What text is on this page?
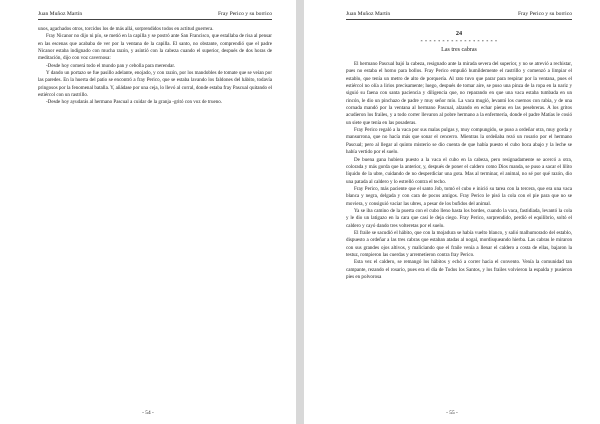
Juan Muñoz Martín	Fray Perico y su borrico

unos, agachados otros, torcidos los de más allá, sorprendidos todos en actitud guerrera.

Fray Nicanor no dijo ni pío, se metió en la capilla y se postró ante San Francisco, que estallaba de risa al pensar en las escenas que acababa de ver por la ventana de la capilla. El santo, no obstante, comprendió que el padre Nicanor estaba indignado con mucha razón, y asintió con la cabeza cuando el superior, después de dos horas de meditación, dijo con voz cavernosa:

-Desde hoy comerá todo el mundo pan y cebolla para merendar.

Y dando un portazo se fue pasillo adelante, enojado, y con razón, por los mandobles de tomate que se veían por las paredes. En la huerta del patio se encontró a fray Perico, que se estaba lavando los faldones del hábito, todavía pringosos por la fenomenal batalla. Y, añádase por una ceja, lo llevó al corral, donde estaba fray Pascual quitando el estiércol con un rastrillo.

-Desde hoy ayudarás al hermano Pascual a cuidar de la granja -gritó con voz de trueno.

- 54 -
Juan Muñoz Martín	Fray Perico y su borrico
24
* * * * * * * * * * * * * * * * * *
Las tres cabras

El hermano Pascual bajó la cabeza, resignado ante la mirada severa del superior, y no se atrevió a rechistar, pues no estaba el horno para bollos. Fray Perico empuñó humildemente el rastrillo y comenzó a limpiar el establo, que tenía un metro de alto de porquería. Al rato tuvo que parar para respirar por la ventana, pues el estiércol no olía a lirios precisamente; luego, después de tomar aire, se puso una pinza de la ropa en la nariz y siguió su faena con santa paciencia y diligencia que, no reparando en que una vaca estaba tumbada en un rincón, le dio un pinchazo de padre y muy señor mío. La vaca mugió, levantó los cuernos con rabia, y de una cornada mandó por la ventana al hermano Pascual, alzando en echar pieras en las pesebreras. A los gritos acudieron los frailes, y a todo correr llevaron al pobre hermano a la enfermería, donde el padre Matías le cosió un siete que tenía en las posaderas.

Fray Perico regaló a la vaca por sus malas pulgas y, muy compungido, se puso a ordeñar otra, muy gorda y mansurrona, que no hacía más que sonar el cencerro. Mientras la ordeñaba rezó un rosario por el hermano Pascual; pero al llegar al quinto misterio se dio cuenta de que había puesto el cubo boca abajo y la leche se había vertido por el suelo.

De buena gana hubiera puesto a la vaca el cubo en la cabeza, pero resignadamente se acercó a otra, colorada y más gorda que la anterior, y, después de poner el caldero como Dios manda, se puso a sacar el lilito líquido de la ubre, cuidando de no desperdiciar una gota. Mas al terminar, el animal, no sé por qué razón, dio una patada al caldero y lo estrelló contra el techo.

Fray Perico, más paciente que el santo Job, tomó el cubo e inició su tarea con la tercera, que era una vaca blanca y negra, delgada y con cara de pocos amigos. Fray Perico le pisó la cola con el pie para que no se moviera, y consiguió vaciar las ubres, a pesar de los bufidos del animal.

Ya se iba camino de la puerta con el cubo lleno hasta los bordes, cuando la vaca, fastidiada, levantó la cola y le dio un latigazo en la cara que casi le deja ciego. Fray Perico, sorprendido, perdió el equilibrio, soltó el caldero y cayó dando tres volteretas por el suelo.

El fraile se sacudió el hábito, que con la mojadura se había vuelto blanco, y salió malhumorado del establo, dispuesto a ordeñar a las tres cabras que estaban atadas al nogal, mordisqueando hierba. Las cabras le miraron con sus grandes ojos altivos, y maliciando que el fraile venía a llenar el caldero a costa de ellas, bajaron la testuz, rompieron las cuerdas y arremetieron contra fray Perico.

Esta vez el caldero, se remangó los hábitos y echó a correr hacia el convento. Venía la comunidad tan campante, rezando el rosario, pues era el día de Todos los Santos, y los frailes volvieron la espalda y pusieron pies en polvorosa

- 55 -
